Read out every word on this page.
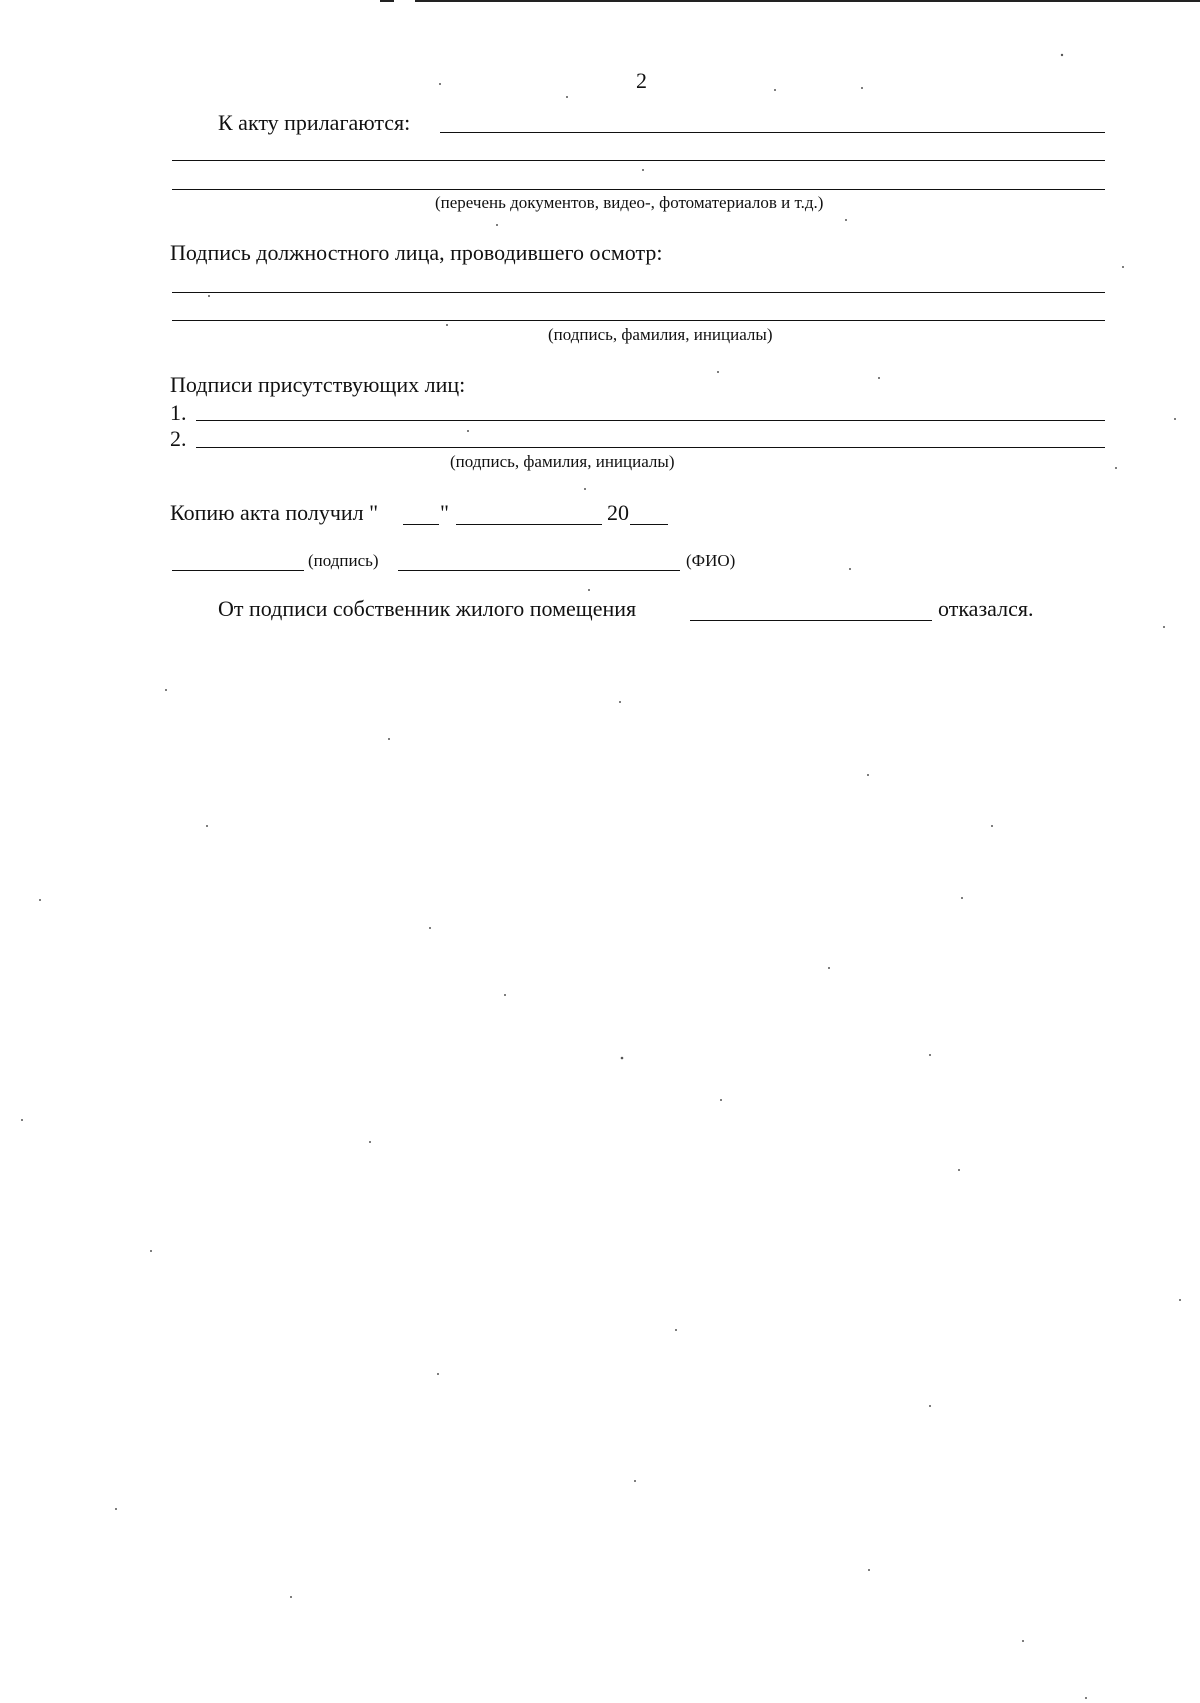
2
К акту прилагаются:
(перечень документов, видео-, фотоматериалов и т.д.)
Подпись должностного лица, проводившего осмотр:
(подпись, фамилия, инициалы)
Подписи присутствующих лиц:
1.
2.
(подпись, фамилия, инициалы)
Копию акта получил "	"	20
(подпись)	(ФИО)
От подписи собственник жилого помещения	отказался.
